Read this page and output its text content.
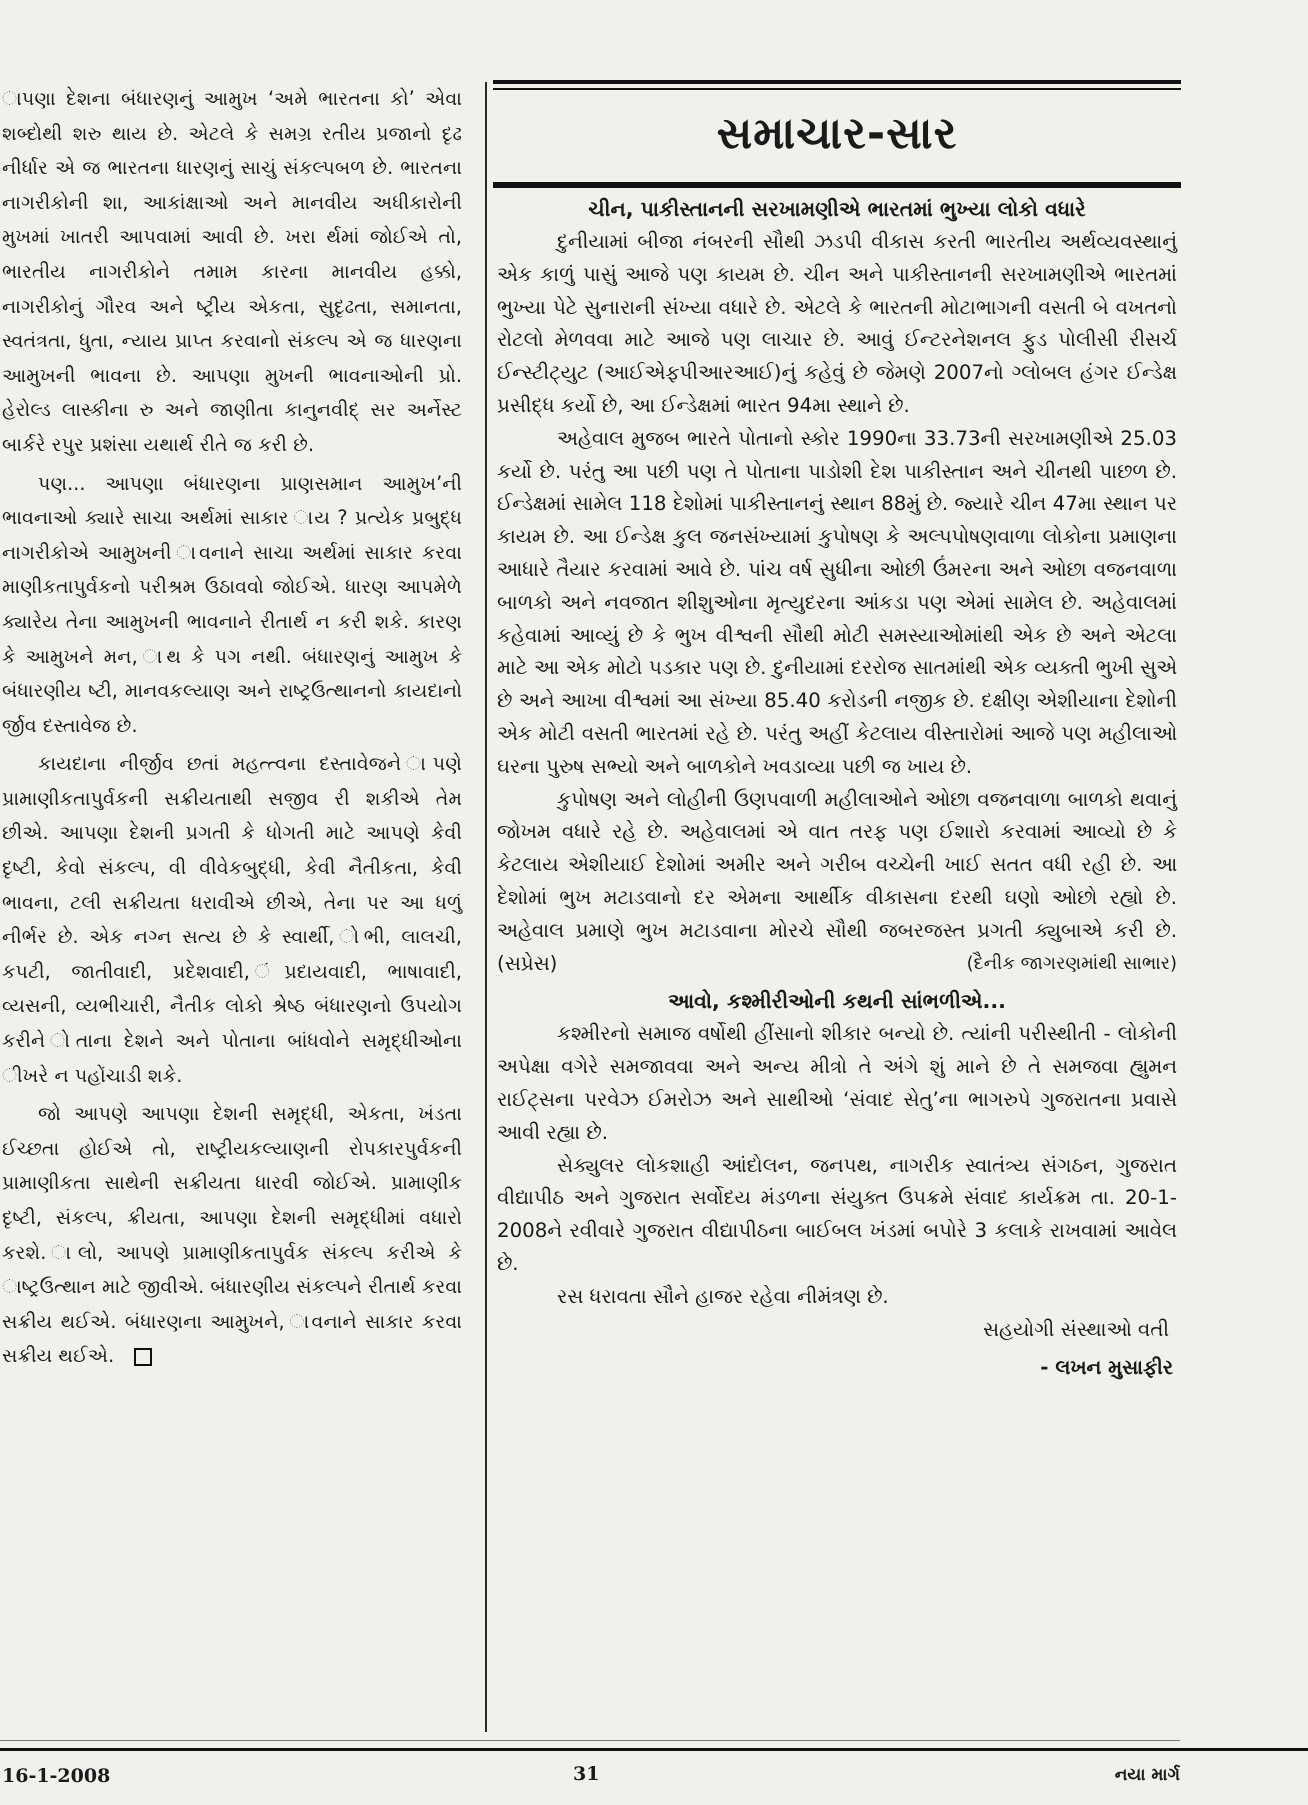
ાપણા દેશના બંધારણનું આમુખ ‘અમે ભારતના કો’ એવા શબ્દોથી શરુ થાય છે. એટલે કે સમગ્ર રતીય પ્રજાનો દૃઢ નીર્ધાર એ જ ભારતના ધારણનું સાચું સંકલ્પબળ છે. ભારતના નાગરીકોની શા, આકાંક્ષાઓ અને માનવીય અધીકારોની મુખમાં ખાતરી આપવામાં આવી છે. ખરા ર્થમાં જોઈએ તો, ભારતીય નાગરીકોને તમામ કારના માનવીય હક્કો, નાગરીકોનું ગૌરવ અને ષ્ટ્રીય એકતા, સુદૃઢતા, સમાનતા, સ્વતંત્રતા, ધુતા, ન્યાય પ્રાપ્ત કરવાનો સંકલ્પ એ જ ધારણના આમુખની ભાવના છે. આપણા મુખની ભાવનાઓની પ્રો. હેરોલ્ડ લાસ્કીના રુ અને જાણીતા કાનુનવીદ્ સર અર્નેસ્ટ બાર્કરે રપુર પ્રશંસા યથાર્થ રીતે જ કરી છે.

પણ... આપણા બંધારણના પ્રાણસમાન આમુખ’ની ભાવનાઓ ક્યારે સાચા અર્થમાં સાકાર ાય ? પ્રત્યેક પ્રબુદ્ધ નાગરીકોએ આમુખની ાવનાને સાચા અર્થમાં સાકાર કરવા માણીકતાપુર્વકનો પરીશ્રમ ઉઠાવવો જોઈએ. ધારણ આપમેળે ક્યારેય તેના આમુખની ભાવનાને રીતાર્થ ન કરી શકે. કારણ કે આમુખને મન, ાથ કે પગ નથી. બંધારણનું આમુખ કે બંધારણીય ષ્ટી, માનવકલ્યાણ અને રાષ્ટ્રઉત્થાનનો કાયદાનો ર્જીવ દસ્તાવેજ છે.

કાયદાના નીર્જીવ છતાં મહત્ત્વના દસ્તાવેજને ાપણે પ્રામાણીકતાપુર્વકની સક્રીયતાથી સજીવ રી શકીએ તેમ છીએ. આપણા દેશની પ્રગતી કે ધોગતી માટે આપણે કેવી દૃષ્ટી, કેવો સંકલ્પ, વી વીવેકબુદ્ધી, કેવી નૈતીકતા, કેવી ભાવના, ટલી સક્રીયતા ધરાવીએ છીએ, તેના પર આ ધળું નીર્ભર છે. એક નગ્ન સત્ય છે કે સ્વાર્થી, ોભી, લાલચી, કપટી, જાતીવાદી, પ્રદેશવાદી, ંપ્રદાયવાદી, ભાષાવાદી, વ્યસની, વ્યભીચારી, નૈતીક લોકો શ્રેષ્ઠ બંધારણનો ઉપયોગ કરીને ોતાના દેશને અને પોતાના બાંધવોને સમૃદ્ધીઓના ીખરે ન પહોંચાડી શકે.

જો આપણે આપણા દેશની સમૃદ્ધી, એકતા, ખંડતા ઈચ્છતા હોઈએ તો, રાષ્ટ્રીયકલ્યાણની રોપકારપુર્વકની પ્રામાણીકતા સાથેની સક્રીયતા ધારવી જોઈએ. પ્રામાણીક દૃષ્ટી, સંકલ્પ, ક્રીયતા, આપણા દેશની સમૃદ્ધીમાં વધારો કરશે. ાલો, આપણે પ્રામાણીકતાપુર્વક સંકલ્પ કરીએ કે ાષ્ટ્રઉત્થાન માટે જીવીએ. બંધારણીય સંકલ્પને રીતાર્થ કરવા સક્રીય થઈએ. બંધારણના આમુખને, ાવનાને સાકાર કરવા સક્રીય થઈએ.

સમાચાર-સાર
ચીન, પાકીસ્તાનની સરખામણીએ ભારતમાં ભુખ્યા લોકો વધારે

દુનીયામાં બીજા નંબરની સૌથી ઝડપી વીકાસ કરતી ભારતીય અર્થવ્યવસ્થાનું એક કાળું પાસું આજે પણ કાયમ છે. ચીન અને પાકીસ્તાનની સરખામણીએ ભારતમાં ભુખ્યા પેટે સુનારાની સંખ્યા વધારે છે. એટલે કે ભારતની મોટાભાગની વસતી બે વખતનો રોટલો મેળવવા માટે આજે પણ લાચાર છે. આવું ઈન્ટરનેશનલ ફુડ પોલીસી રીસર્ચ ઈન્સ્ટીટ્યુટ (આઈએફપીઆરઆઈ)નું કહેવું છે જેમણે 2007નો ગ્લોબલ હંગર ઈન્ડેક્ષ પ્રસીદ્ધ કર્યો છે, આ ઈન્ડેક્ષમાં ભારત 94મા સ્થાને છે.

અહેવાલ મુજબ ભારતે પોતાનો સ્કોર 1990ના 33.73ની સરખામણીએ 25.03 કર્યો છે. પરંતુ આ પછી પણ તે પોતાના પાડોશી દેશ પાકીસ્તાન અને ચીનથી પાછળ છે. ઈન્ડેક્ષમાં સામેલ 118 દેશોમાં પાકીસ્તાનનું સ્થાન 88મું છે. જ્યારે ચીન 47મા સ્થાન પર કાયમ છે. આ ઈન્ડેક્ષ કુલ જનસંખ્યામાં કુપોષણ કે અલ્પપોષણવાળા લોકોના પ્રમાણના આધારે તૈયાર કરવામાં આવે છે. પાંચ વર્ષ સુધીના ઓછી ઉંમરના અને ઓછા વજનવાળા બાળકો અને નવજાત શીશુઓના મૃત્યુદરના આંકડા પણ એમાં સામેલ છે. અહેવાલમાં કહેવામાં આવ્યું છે કે ભુખ વીશ્વની સૌથી મોટી સમસ્યાઓમાંથી એક છે અને એટલા માટે આ એક મોટો પડકાર પણ છે. દુનીયામાં દરરોજ સાતમાંથી એક વ્યક્તી ભુખી સુએ છે અને આખા વીશ્વમાં આ સંખ્યા 85.40 કરોડની નજીક છે. દક્ષીણ એશીયાના દેશોની એક મોટી વસતી ભારતમાં રહે છે. પરંતુ અહીં કેટલાય વીસ્તારોમાં આજે પણ મહીલાઓ ઘરના પુરુષ સભ્યો અને બાળકોને ખવડાવ્યા પછી જ ખાય છે.

કુપોષણ અને લોહીની ઉણપવાળી મહીલાઓને ઓછા વજનવાળા બાળકો થવાનું જોખમ વધારે રહે છે. અહેવાલમાં એ વાત તરફ પણ ઈશારો કરવામાં આવ્યો છે કે કેટલાય એશીયાઈ દેશોમાં અમીર અને ગરીબ વચ્ચેની ખાઈ સતત વધી રહી છે. આ દેશોમાં ભુખ મટાડવાનો દર એમના આર્થીક વીકાસના દરથી ઘણો ઓછો રહ્યો છે. અહેવાલ પ્રમાણે ભુખ મટાડવાના મોરચે સૌથી જબરજસ્ત પ્રગતી ક્યુબાએ કરી છે. (સપ્રેસ)	(દૈનીક જાગરણમાંથી સાભાર)

આવો, કશ્મીરીઓની કથની સાંભળીએ...

કશ્મીરનો સમાજ વર્ષોથી હીંસાનો શીકાર બન્યો છે. ત્યાંની પરીસ્થીતી - લોકોની અપેક્ષા વગેરે સમજાવવા અને અન્ય મીત્રો તે અંગે શું માને છે તે સમજવા હ્યુમન રાઈટ્સના પરવેઝ ઈમરોઝ અને સાથીઓ ‘સંવાદ સેતુ’ના ભાગરુપે ગુજરાતના પ્રવાસે આવી રહ્યા છે.

સેક્યુલર લોકશાહી આંદોલન, જનપથ, નાગરીક સ્વાતંત્ર્ય સંગઠન, ગુજરાત વીદ્યાપીઠ અને ગુજરાત સર્વોદય મંડળના સંયુક્ત ઉપક્રમે સંવાદ કાર્યક્રમ તા. 20-1-2008ને રવીવારે ગુજરાત વીદ્યાપીઠના બાઈબલ ખંડમાં બપોરે 3 કલાકે રાખવામાં આવેલ છે.

રસ ધરાવતા સૌને હાજર રહેવા નીમંત્રણ છે.

સહયોગી સંસ્થાઓ વતી

- લખન મુસાફીર

16-1-2008	31	નયા માર્ગ
